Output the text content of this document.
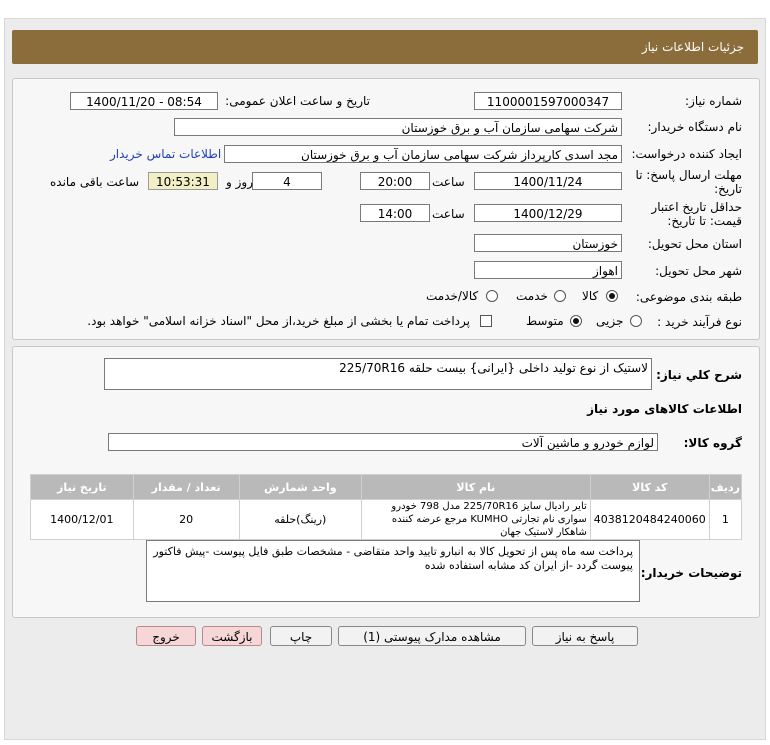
جزئیات اطلاعات نیاز
شماره نیاز:
1100001597000347
تاریخ و ساعت اعلان عمومی:
1400/11/20 - 08:54
نام دستگاه خریدار:
شرکت سهامی سازمان آب و برق خوزستان
ایجاد کننده درخواست:
مجد اسدی کارپرداز شرکت سهامی سازمان آب و برق خوزستان
اطلاعات تماس خریدار
مهلت ارسال پاسخ: تا
تاریخ:
1400/11/24
ساعت
20:00
4
روز و
10:53:31
ساعت باقی مانده
حداقل تاریخ اعتبار
قیمت: تا تاریخ:
1400/12/29
ساعت
14:00
استان محل تحویل:
خوزستان
شهر محل تحویل:
اهواز
طبقه بندی موضوعی:
کالا
خدمت
کالا/خدمت
نوع فرآیند خرید :
جزیی
متوسط
پرداخت تمام یا بخشی از مبلغ خرید،از محل "اسناد خزانه اسلامی" خواهد بود.
شرح كلي نياز:
لاستیک از نوع تولید داخلی {ایرانی} بیست حلقه 225/70R16
اطلاعات کالاهای مورد نیاز
گروه کالا:
لوازم خودرو و ماشین آلات
ردیف	کد کالا	نام کالا	واحد شمارش	تعداد / مقدار	تاریخ نیاز
1	4038120484240060	تایر رادیال سایز 225/70R16 مدل 798 خودرو سواری نام تجارتی KUMHO مرجع عرضه کننده شاهکار لاستیک جهان	(رینگ)حلقه	20	1400/12/01
توضیحات خریدار:
پرداخت سه ماه پس از تحویل کالا به انبارو تایید واحد متقاضی - مشخصات طبق فایل پیوست -پیش فاکتور پیوست گردد -از ایران کد مشابه استفاده شده
پاسخ به نیاز
مشاهده مدارک پیوستی (1)
چاپ
بازگشت
خروج
